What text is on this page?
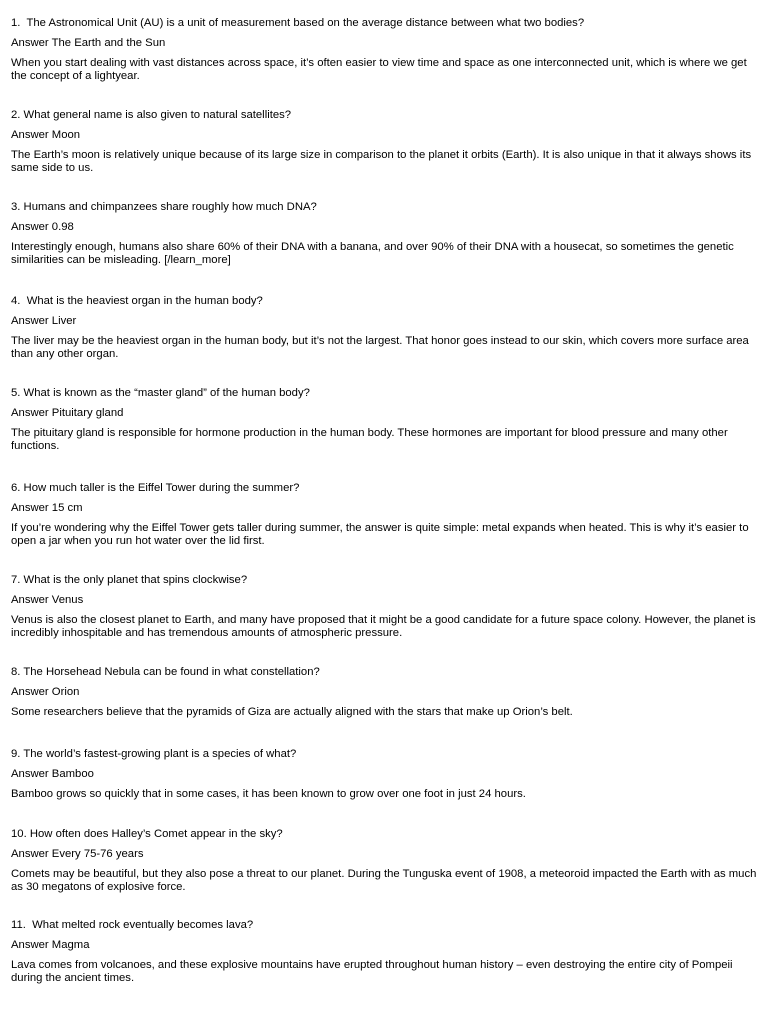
1.  The Astronomical Unit (AU) is a unit of measurement based on the average distance between what two bodies?
Answer The Earth and the Sun
When you start dealing with vast distances across space, it’s often easier to view time and space as one interconnected unit, which is where we get the concept of a lightyear.
2. What general name is also given to natural satellites?
Answer Moon
The Earth’s moon is relatively unique because of its large size in comparison to the planet it orbits (Earth). It is also unique in that it always shows its same side to us.
3. Humans and chimpanzees share roughly how much DNA?
Answer 0.98
Interestingly enough, humans also share 60% of their DNA with a banana, and over 90% of their DNA with a housecat, so sometimes the genetic similarities can be misleading. [/learn_more]
4.  What is the heaviest organ in the human body?
Answer Liver
The liver may be the heaviest organ in the human body, but it’s not the largest. That honor goes instead to our skin, which covers more surface area than any other organ.
5. What is known as the “master gland” of the human body?
Answer Pituitary gland
The pituitary gland is responsible for hormone production in the human body. These hormones are important for blood pressure and many other functions.
6. How much taller is the Eiffel Tower during the summer?
Answer 15 cm
If you’re wondering why the Eiffel Tower gets taller during summer, the answer is quite simple: metal expands when heated. This is why it’s easier to open a jar when you run hot water over the lid first.
7. What is the only planet that spins clockwise?
Answer Venus
Venus is also the closest planet to Earth, and many have proposed that it might be a good candidate for a future space colony. However, the planet is incredibly inhospitable and has tremendous amounts of atmospheric pressure.
8. The Horsehead Nebula can be found in what constellation?
Answer Orion
Some researchers believe that the pyramids of Giza are actually aligned with the stars that make up Orion’s belt.
9. The world’s fastest-growing plant is a species of what?
Answer Bamboo
Bamboo grows so quickly that in some cases, it has been known to grow over one foot in just 24 hours.
10. How often does Halley’s Comet appear in the sky?
Answer Every 75-76 years
Comets may be beautiful, but they also pose a threat to our planet. During the Tunguska event of 1908, a meteoroid impacted the Earth with as much as 30 megatons of explosive force.
11.  What melted rock eventually becomes lava?
Answer Magma
Lava comes from volcanoes, and these explosive mountains have erupted throughout human history – even destroying the entire city of Pompeii during the ancient times.
